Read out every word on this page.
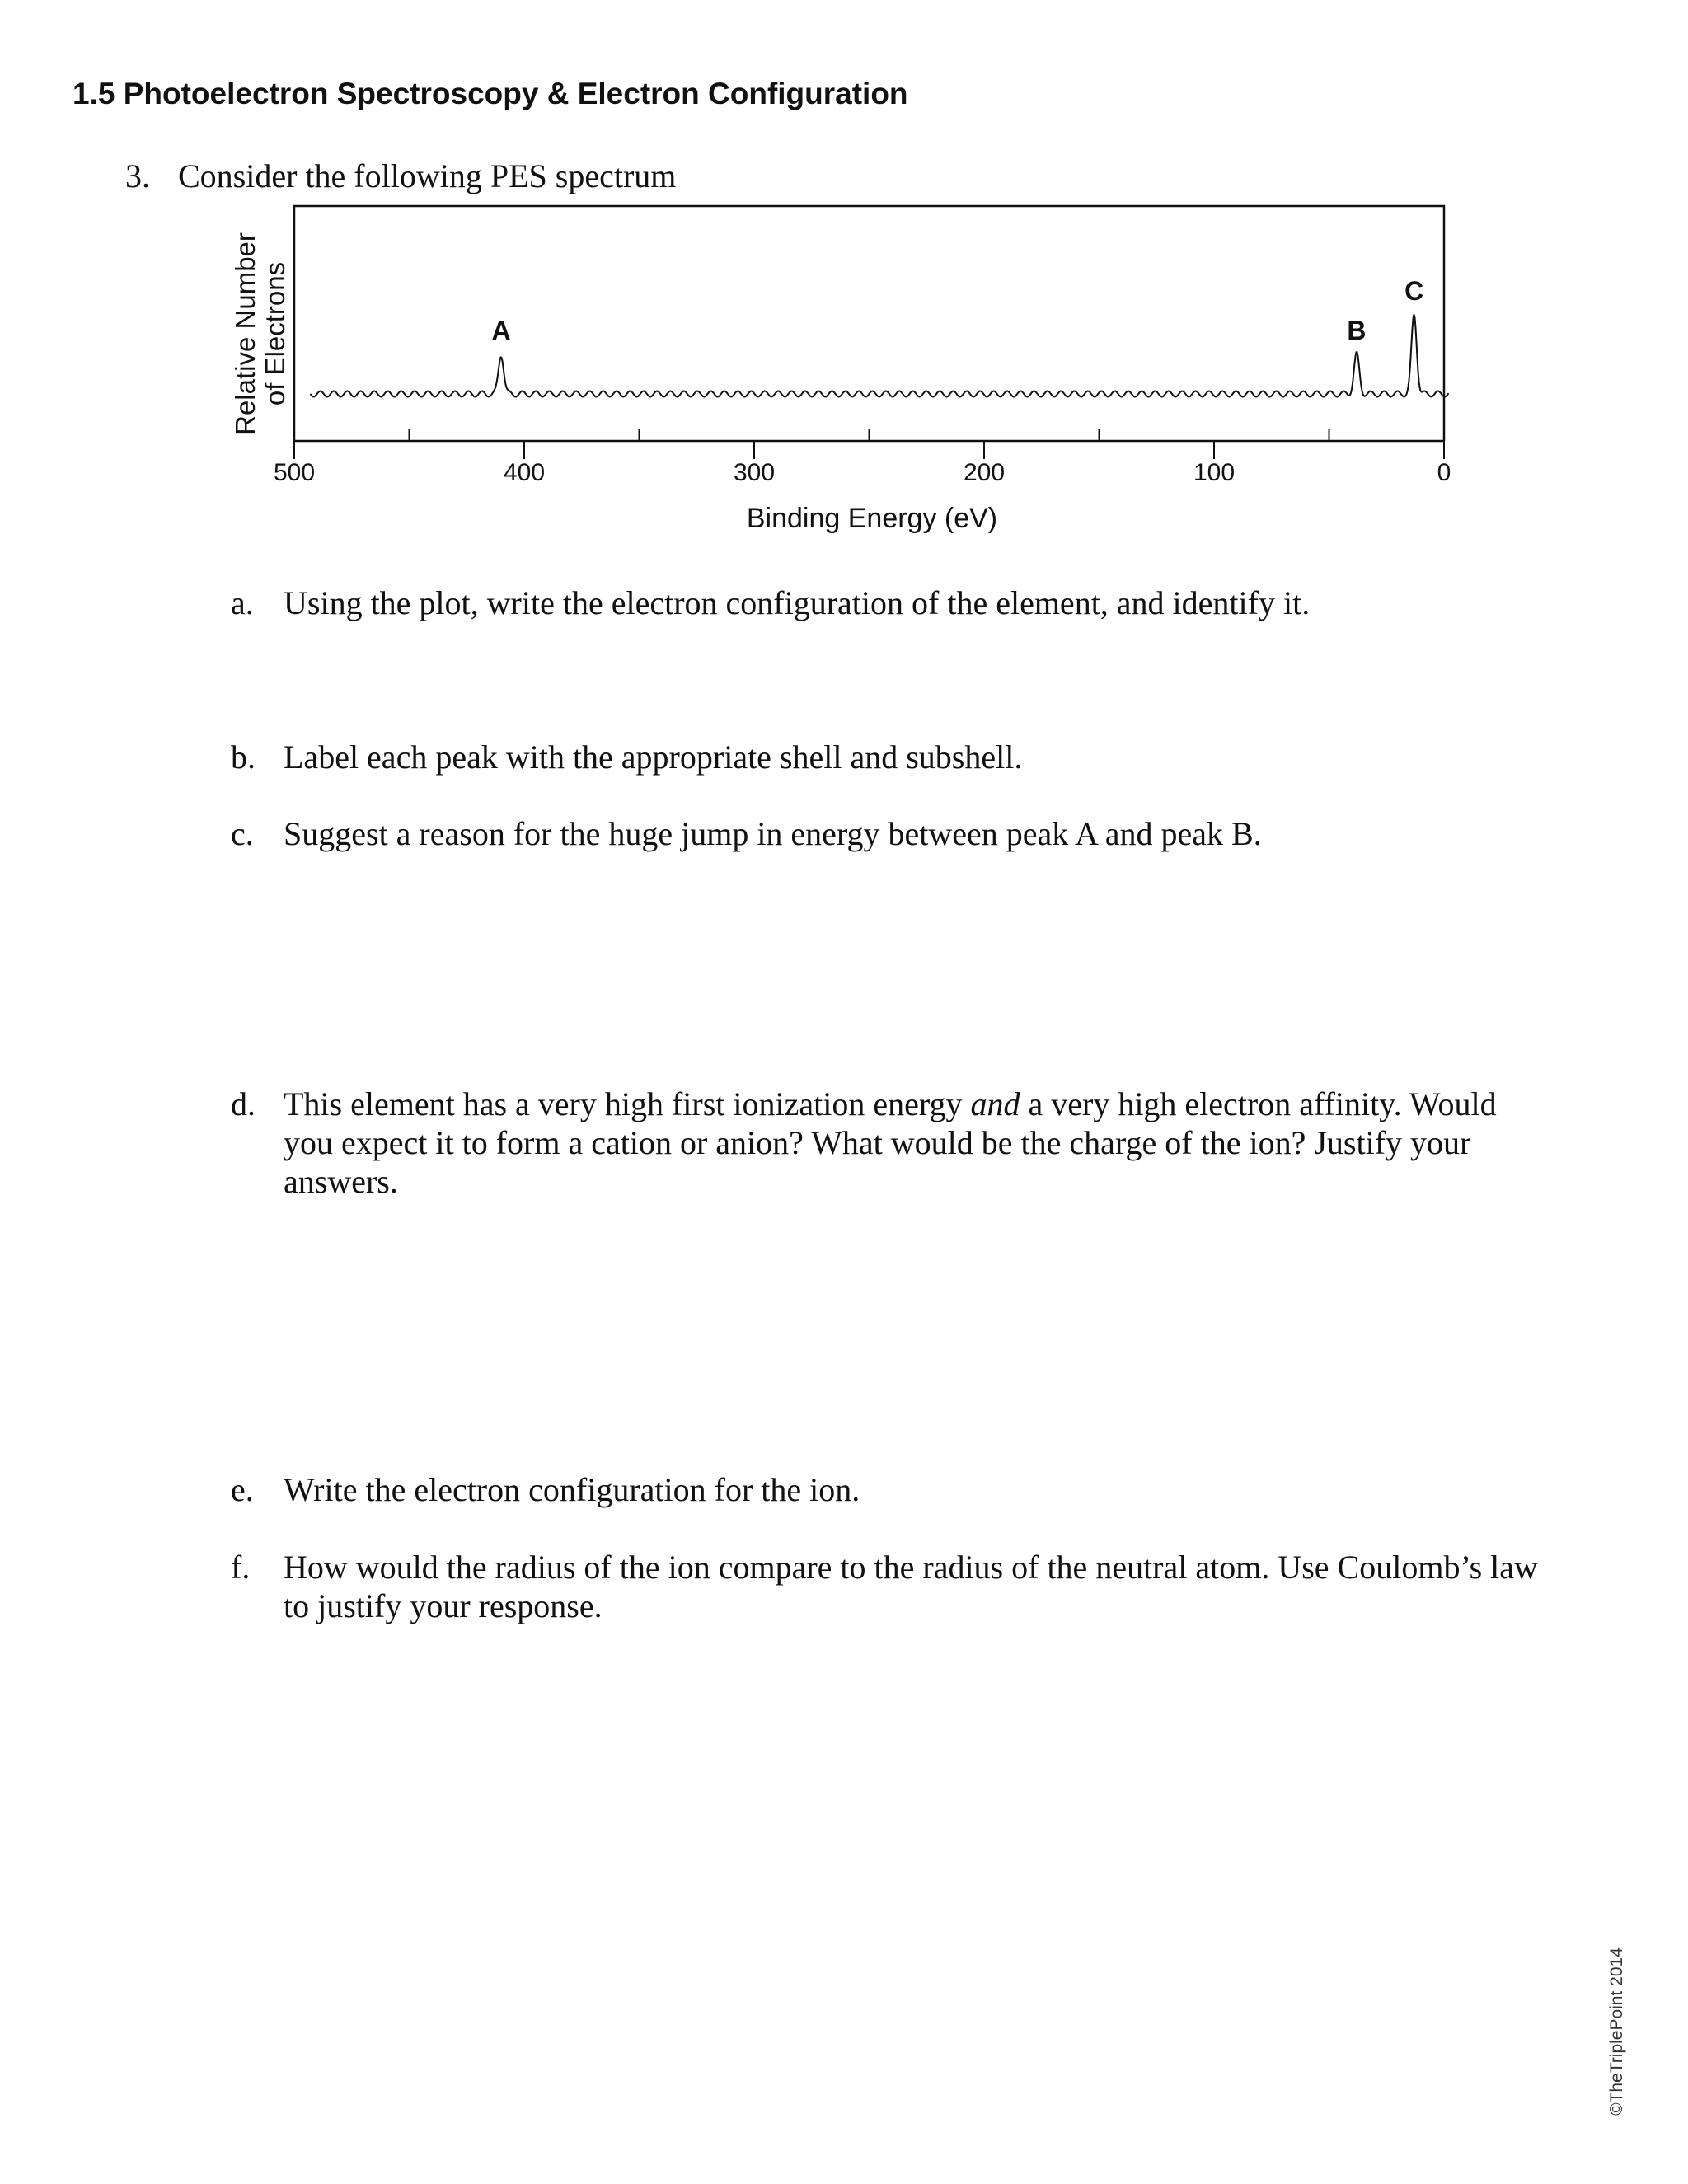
1.5 Photoelectron Spectroscopy & Electron Configuration
3. Consider the following PES spectrum
500	400	300	200	100	0
A	B
C
Relative Number of Electrons
Binding Energy (eV)
a. Using the plot, write the electron configuration of the element, and identify it.
b. Label each peak with the appropriate shell and subshell.
c. Suggest a reason for the huge jump in energy between peak A and peak B.
d. This element has a very high first ionization energy and a very high electron affinity. Would you expect it to form a cation or anion? What would be the charge of the ion? Justify your answers.
e. Write the electron configuration for the ion.
f. How would the radius of the ion compare to the radius of the neutral atom. Use Coulomb’s law to justify your response.
©TheTriplePoint 2014
